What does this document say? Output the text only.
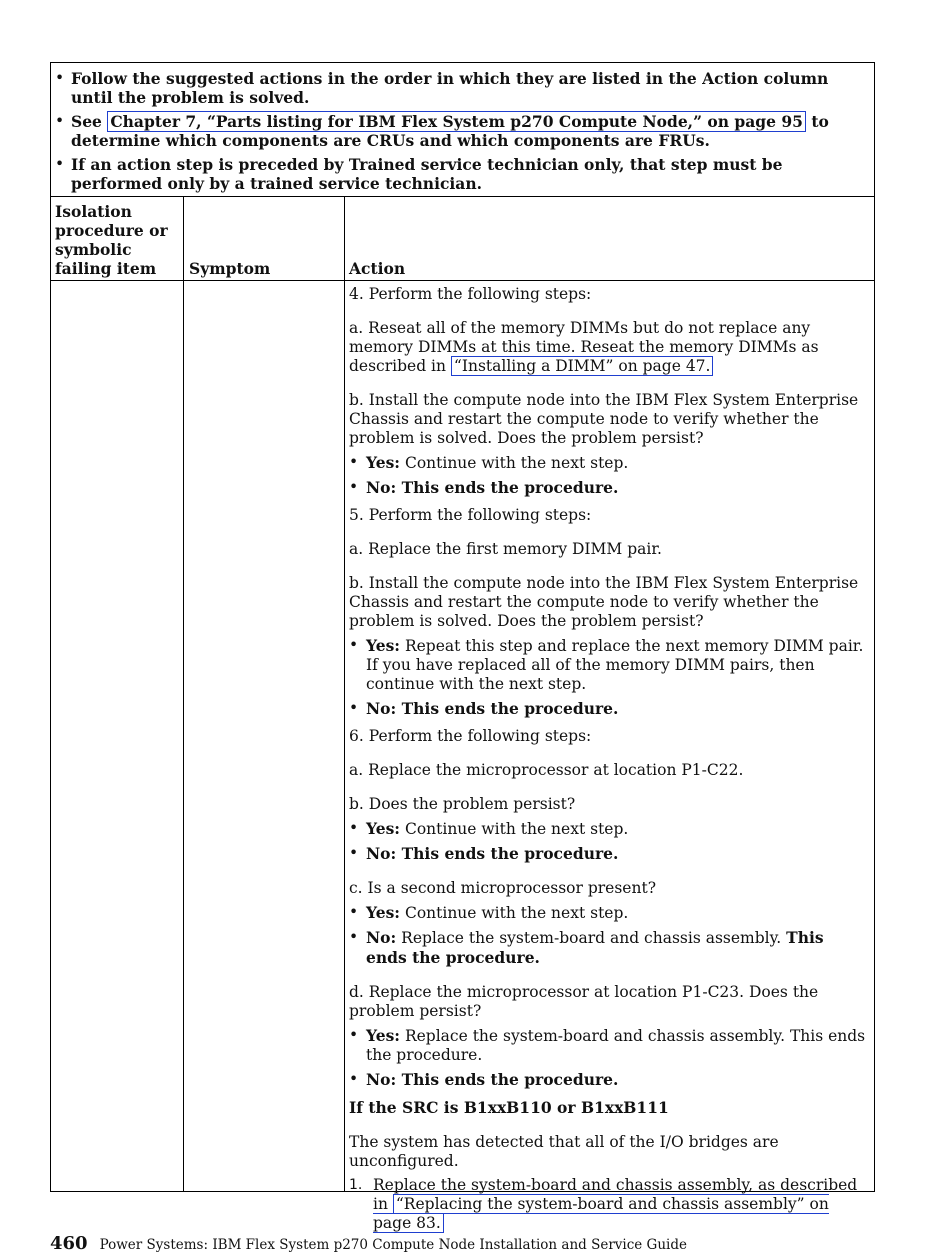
• Follow the suggested actions in the order in which they are listed in the Action column until the problem is solved.
• See Chapter 7, “Parts listing for IBM Flex System p270 Compute Node,” on page 95 to determine which components are CRUs and which components are FRUs.
• If an action step is preceded by Trained service technician only, that step must be performed only by a trained service technician.
Isolation procedure or symbolic failing item	Symptom	Action

4. Perform the following steps:

a. Reseat all of the memory DIMMs but do not replace any memory DIMMs at this time. Reseat the memory DIMMs as described in “Installing a DIMM” on page 47.

b. Install the compute node into the IBM Flex System Enterprise Chassis and restart the compute node to verify whether the problem is solved. Does the problem persist?

• Yes: Continue with the next step.
• No: This ends the procedure.

5. Perform the following steps:

a. Replace the first memory DIMM pair.

b. Install the compute node into the IBM Flex System Enterprise Chassis and restart the compute node to verify whether the problem is solved. Does the problem persist?

• Yes: Repeat this step and replace the next memory DIMM pair. If you have replaced all of the memory DIMM pairs, then continue with the next step.
• No: This ends the procedure.

6. Perform the following steps:

a. Replace the microprocessor at location P1-C22.

b. Does the problem persist?

• Yes: Continue with the next step.
• No: This ends the procedure.

c. Is a second microprocessor present?

• Yes: Continue with the next step.
• No: Replace the system-board and chassis assembly. This ends the procedure.

d. Replace the microprocessor at location P1-C23. Does the problem persist?

• Yes: Replace the system-board and chassis assembly. This ends the procedure.
• No: This ends the procedure.

If the SRC is B1xxB110 or B1xxB111

The system has detected that all of the I/O bridges are unconfigured.

1. Replace the system-board and chassis assembly, as described in “Replacing the system-board and chassis assembly” on page 83.
460 Power Systems: IBM Flex System p270 Compute Node Installation and Service Guide
